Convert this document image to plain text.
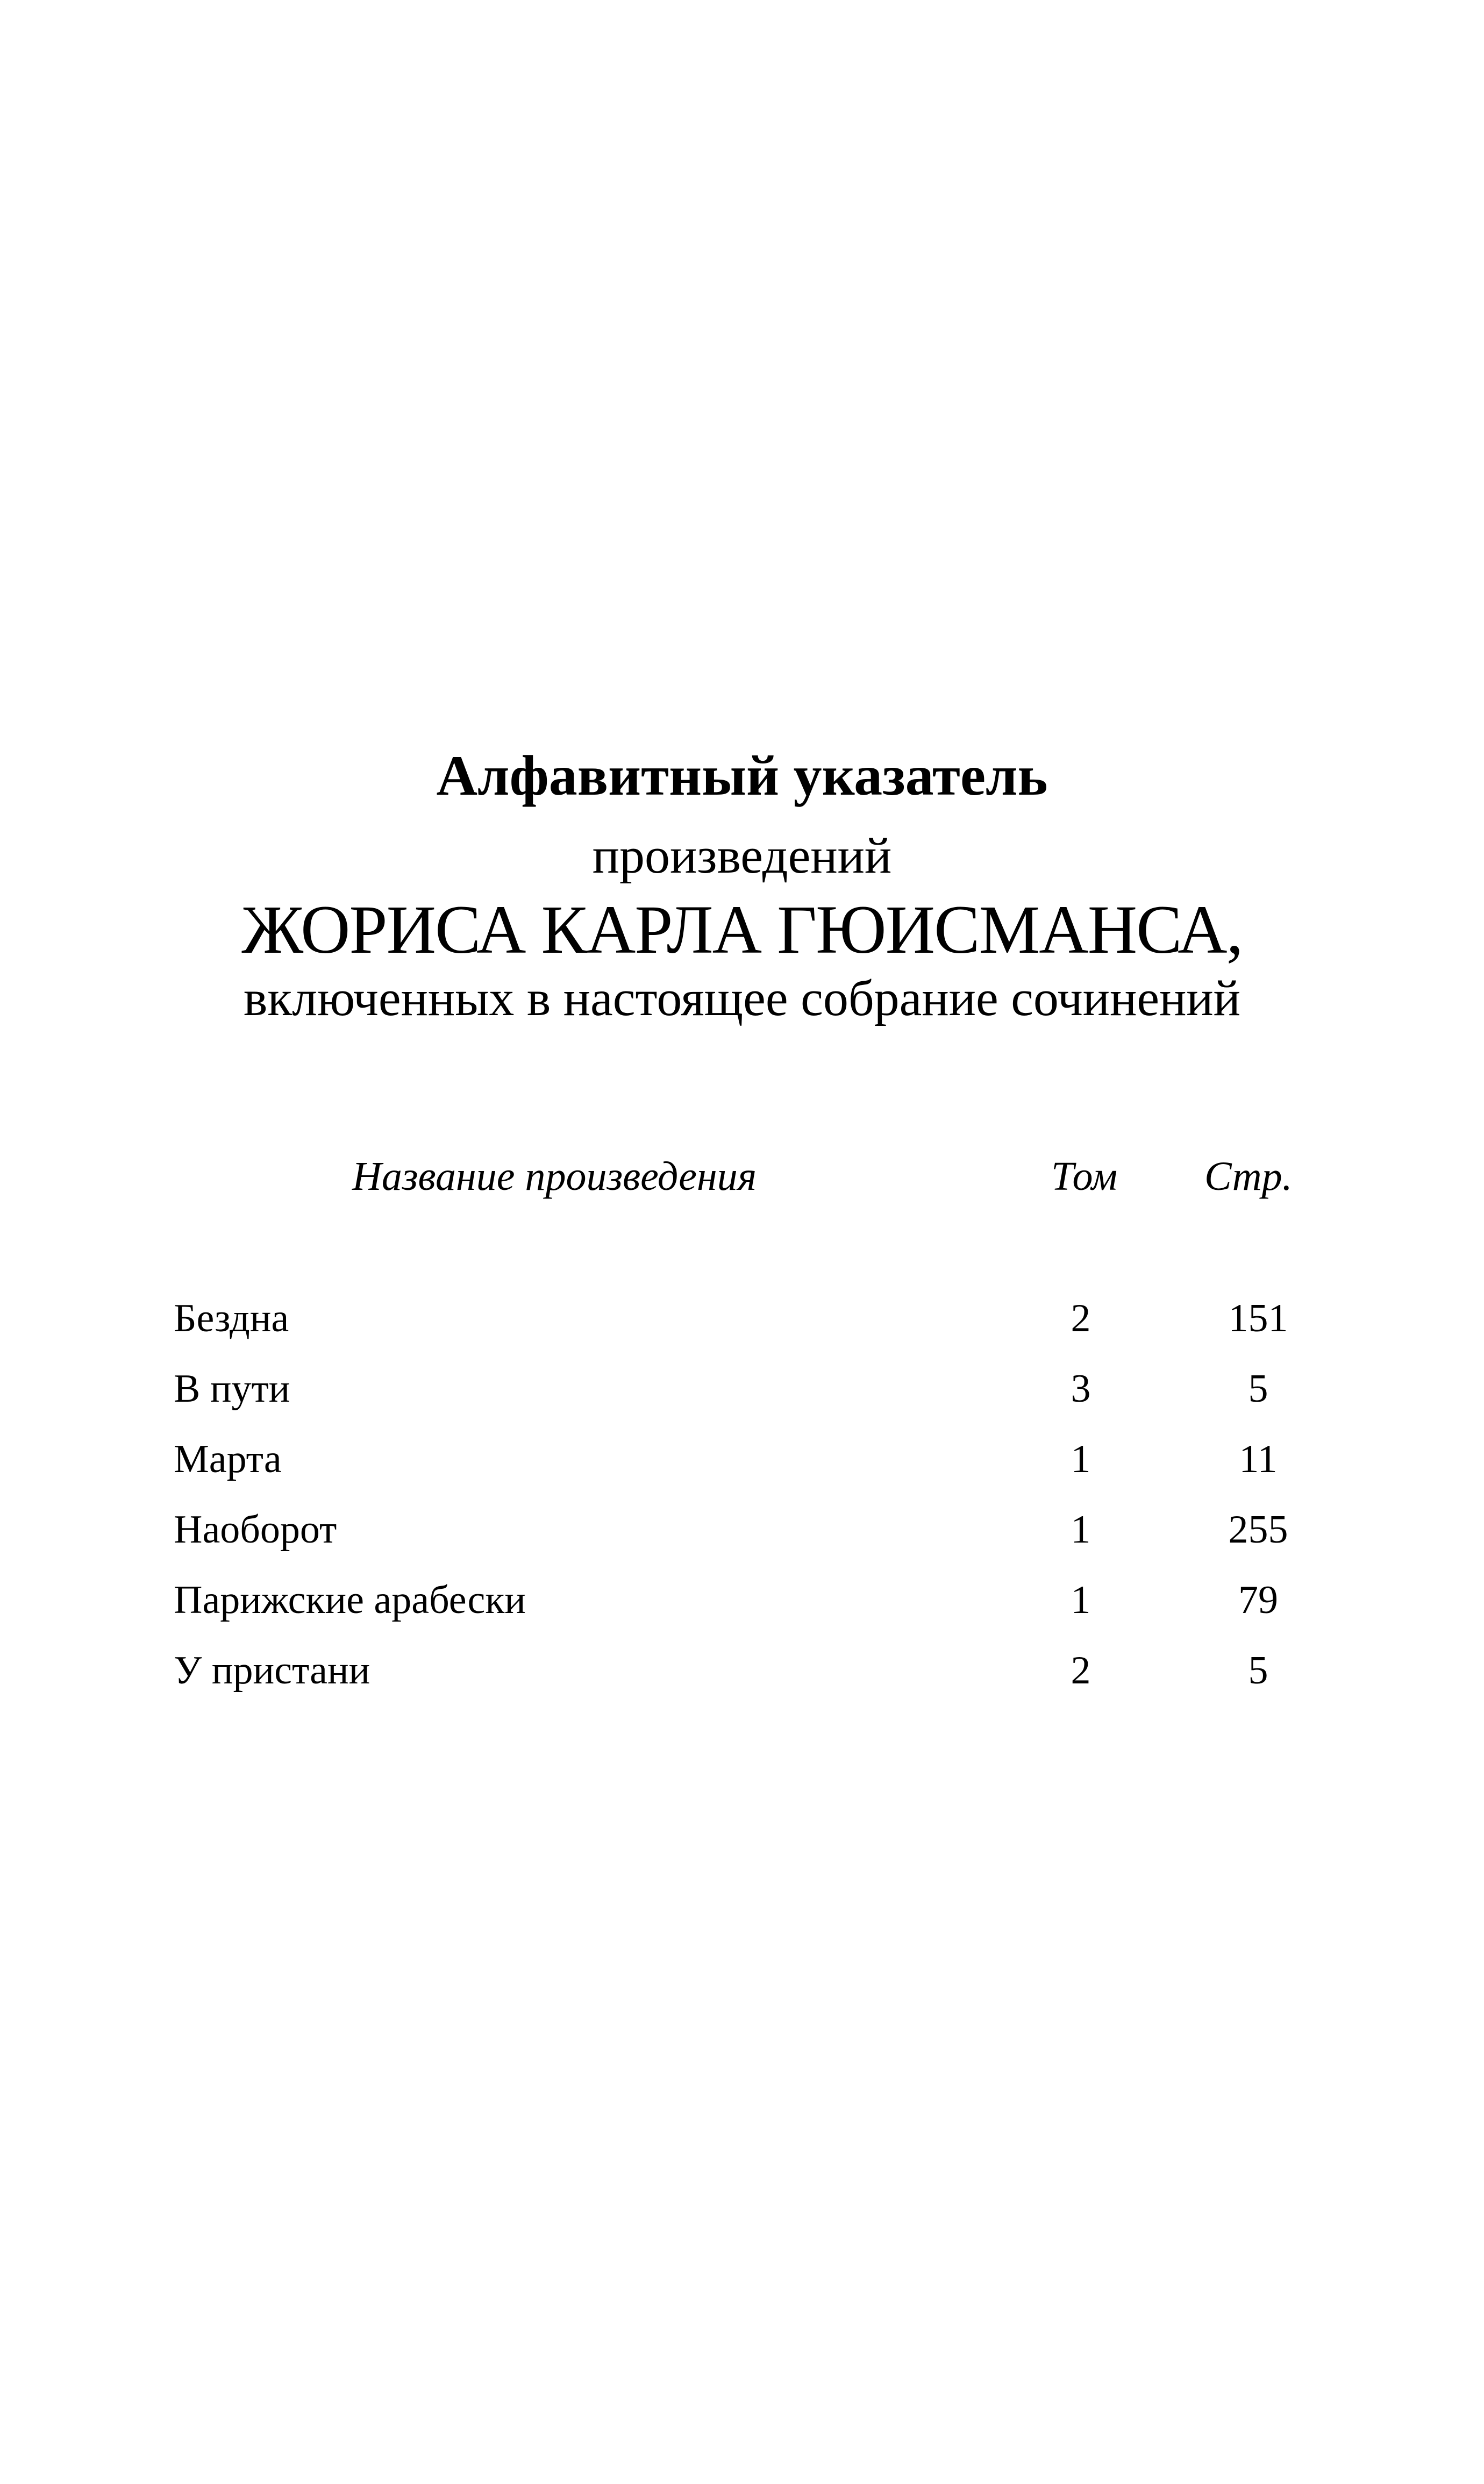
Алфавитный указатель
произведений
ЖОРИСА КАРЛА ГЮИСМАНСА,
включенных в настоящее собрание сочинений
Название произведения	Том Стр.
Бездна	2	151
В пути	3	5
Марта	1	11
Наоборот	1	255
Парижские арабески	1	79
У пристани	2	5
